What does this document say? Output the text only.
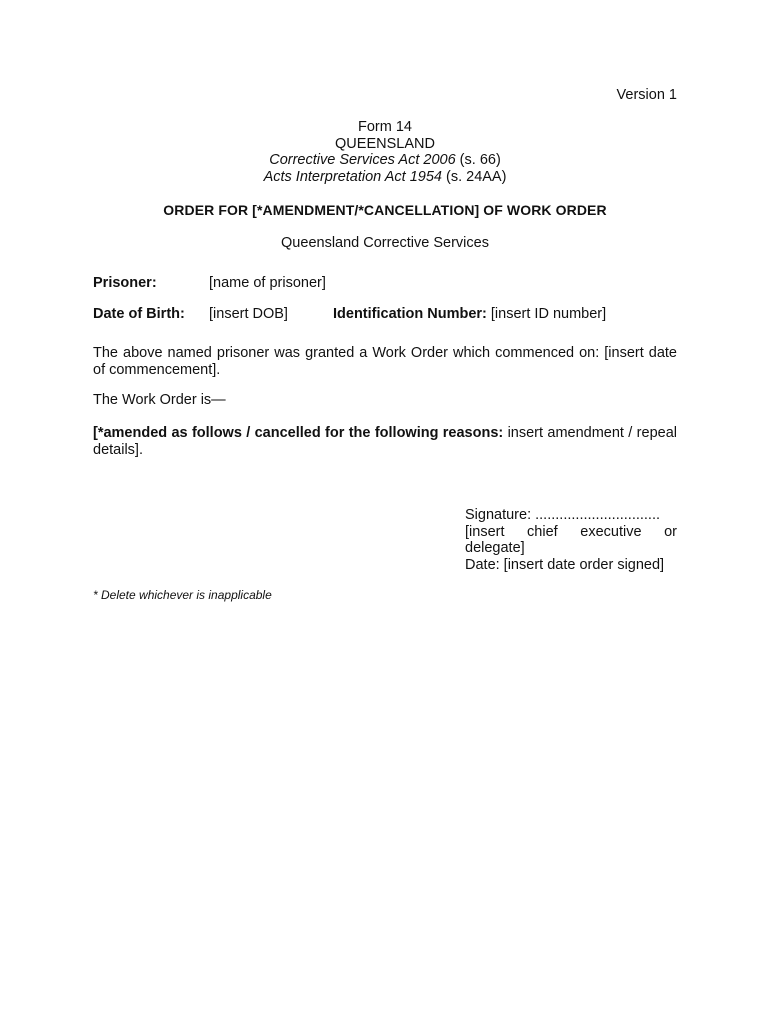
Version 1
Form 14
QUEENSLAND
Corrective Services Act 2006 (s. 66)
Acts Interpretation Act 1954 (s. 24AA)
ORDER FOR [*AMENDMENT/*CANCELLATION] OF WORK ORDER
Queensland Corrective Services
Prisoner:	[name of prisoner]
Date of Birth: [insert DOB]	Identification Number: [insert ID number]
The above named prisoner was granted a Work Order which commenced on: [insert date of commencement].
The Work Order is—
[*amended as follows / cancelled for the following reasons: insert amendment / repeal details].
Signature: ...............................
[insert chief executive or delegate]
Date: [insert date order signed]
* Delete whichever is inapplicable
